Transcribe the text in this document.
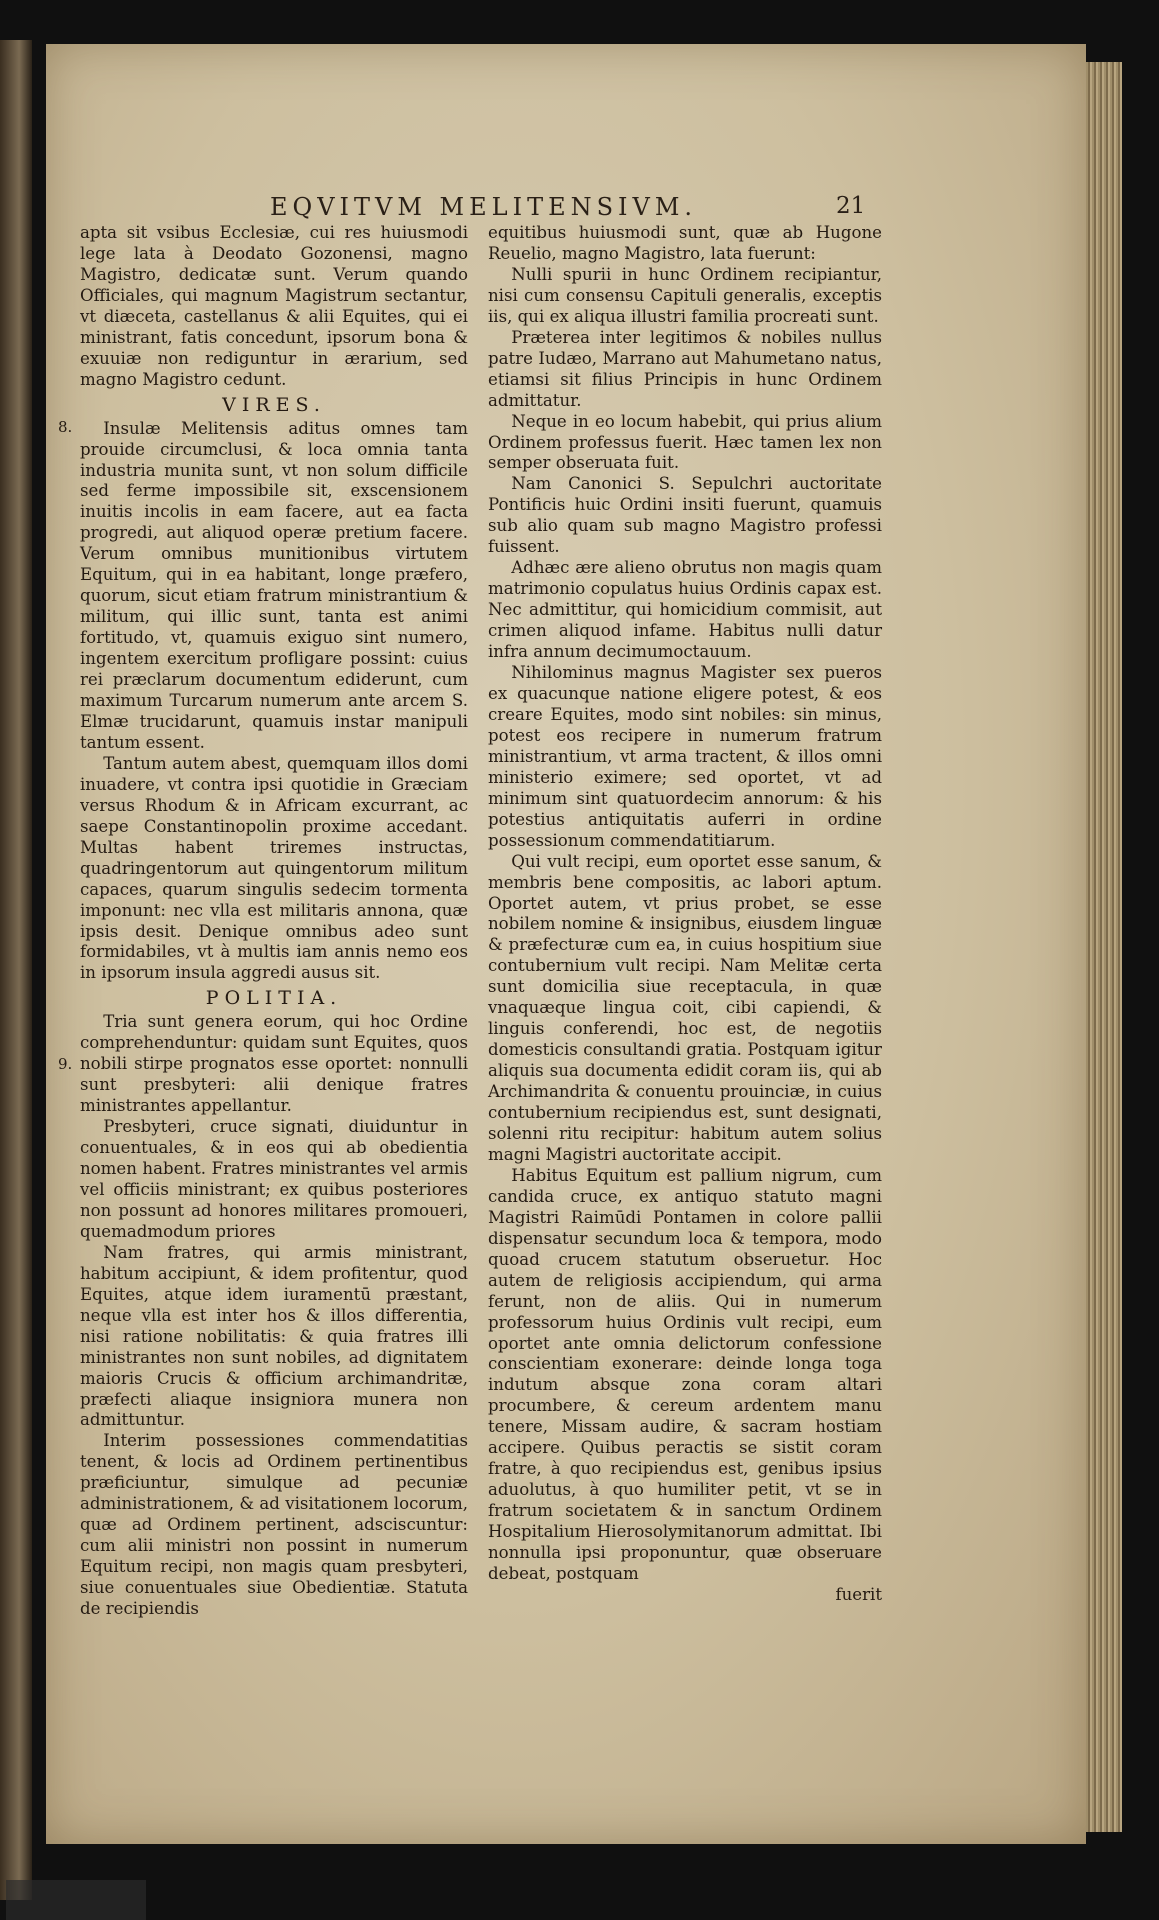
EQVITVM MELITENSIVM.	21
8.
9.

apta sit vsibus Ecclesiæ, cui res huiusmodi lege lata à Deodato Gozonensi, magno Magistro, dedicatæ sunt. Verum quando Officiales, qui magnum Magistrum sectantur, vt diæceta, castellanus & alii Equites, qui ei ministrant, fatis concedunt, ipsorum bona & exuuiæ non rediguntur in ærarium, sed magno Magistro cedunt.

VIRES.

Insulæ Melitensis aditus omnes tam prouide circumclusi, & loca omnia tanta industria munita sunt, vt non solum difficile sed ferme impossibile sit, exscensionem inuitis incolis in eam facere, aut ea facta progredi, aut aliquod operæ pretium facere. Verum omnibus munitionibus virtutem Equitum, qui in ea habitant, longe præfero, quorum, sicut etiam fratrum ministrantium & militum, qui illic sunt, tanta est animi fortitudo, vt, quamuis exiguo sint numero, ingentem exercitum profligare possint: cuius rei præclarum documentum ediderunt, cum maximum Turcarum numerum ante arcem S. Elmæ trucidarunt, quamuis instar manipuli tantum essent.

Tantum autem abest, quemquam illos domi inuadere, vt contra ipsi quotidie in Græciam versus Rhodum & in Africam excurrant, ac saepe Constantinopolin proxime accedant. Multas habent triremes instructas, quadringentorum aut quingentorum militum capaces, quarum singulis sedecim tormenta imponunt: nec vlla est militaris annona, quæ ipsis desit. Denique omnibus adeo sunt formidabiles, vt à multis iam annis nemo eos in ipsorum insula aggredi ausus sit.

POLITIA.

Tria sunt genera eorum, qui hoc Ordine comprehenduntur: quidam sunt Equites, quos nobili stirpe prognatos esse oportet: nonnulli sunt presbyteri: alii denique fratres ministrantes appellantur.

Presbyteri, cruce signati, diuiduntur in conuentuales, & in eos qui ab obedientia nomen habent. Fratres ministrantes vel armis vel officiis ministrant; ex quibus posteriores non possunt ad honores militares promoueri, quemadmodum priores

Nam fratres, qui armis ministrant, habitum accipiunt, & idem profitentur, quod Equites, atque idem iuramentū præstant, neque vlla est inter hos & illos differentia, nisi rationе nobilitatis: & quia fratres illi ministrantes non sunt nobiles, ad dignitatem maioris Crucis & officium archimandritæ, præfecti aliaque insigniora munera non admittuntur.

Interim possessiones commendatitias tenent, & locis ad Ordinem pertinentibus præficiuntur, simulque ad pecuniæ administrationem, & ad visitationem locorum, quæ ad Ordinem pertinent, adsciscuntur: cum alii ministri non possint in numerum Equitum recipi, non magis quam presbyteri, siue conuentuales siue Obedientiæ. Statuta de recipiendis

equitibus huiusmodi sunt, quæ ab Hugone Reuelio, magno Magistro, lata fuerunt:

Nulli spurii in hunc Ordinem recipiantur, nisi cum consensu Capituli generalis, exceptis iis, qui ex aliqua illustri familia procreati sunt.

Præterea inter legitimos & nobiles nullus patre Iudæo, Marrano aut Mahumetano natus, etiamsi sit filius Principis in hunc Ordinem admittatur.

Neque in eo locum habebit, qui prius alium Ordinem professus fuerit. Hæc tamen lex non semper obseruata fuit.

Nam Canonici S. Sepulchri auctoritate Pontificis huic Ordini insiti fuerunt, quamuis sub alio quam sub magno Magistro professi fuissent.

Adhæc ære alieno obrutus non magis quam matrimonio copulatus huius Ordinis capax est. Nec admittitur, qui homicidium commisit, aut crimen aliquod infame. Habitus nulli datur infra annum decimumoctauum.

Nihilominus magnus Magister sex pueros ex quacunque natione eligere potest, & eos creare Equites, modo sint nobiles: sin minus, potest eos recipere in numerum fratrum ministrantium, vt arma tractent, & illos omni ministerio eximere; sed oportet, vt ad minimum sint quatuordecim annorum: & his potestius antiquitatis auferri in ordine possessionum commendatitiarum.

Qui vult recipi, eum oportet esse sanum, & membris bene compositis, ac labori aptum. Oportet autem, vt prius probet, se esse nobilem nomine & insignibus, eiusdem linguæ & præfecturæ cum ea, in cuius hospitium siue contubernium vult recipi. Nam Melitæ certa sunt domicilia siue receptacula, in quæ vnaquæque lingua coit, cibi capiendi, & linguis conferendi, hoc est, de negotiis domesticis consultandi gratia. Postquam igitur aliquis sua documenta edidit coram iis, qui ab Archimandrita & conuentu prouinciæ, in cuius contubernium recipiendus est, sunt designati, solenni ritu recipitur: habitum autem solius magni Magistri auctoritate accipit.

Habitus Equitum est pallium nigrum, cum candida cruce, ex antiquo statuto magni Magistri Raimūdi Pontamen in colore pallii dispensatur secundum loca & tempora, modo quoad crucem statutum obseruetur. Hoc autem de religiosis accipiendum, qui arma ferunt, non de aliis. Qui in numerum professorum huius Ordinis vult recipi, eum oportet ante omnia delictorum confessione conscientiam exonerare: deinde longa toga indutum absque zona coram altari procumbere, & cereum ardentem manu tenere, Missam audire, & sacram hostiam accipere. Quibus peractis se sistit coram fratre, à quo recipiendus est, genibus ipsius aduolutus, à quo humiliter petit, vt se in fratrum societatem & in sanctum Ordinem Hospitalium Hierosolymitanorum admittat. Ibi nonnulla ipsi proponuntur, quæ obseruare debeat, postquam

fuerit
